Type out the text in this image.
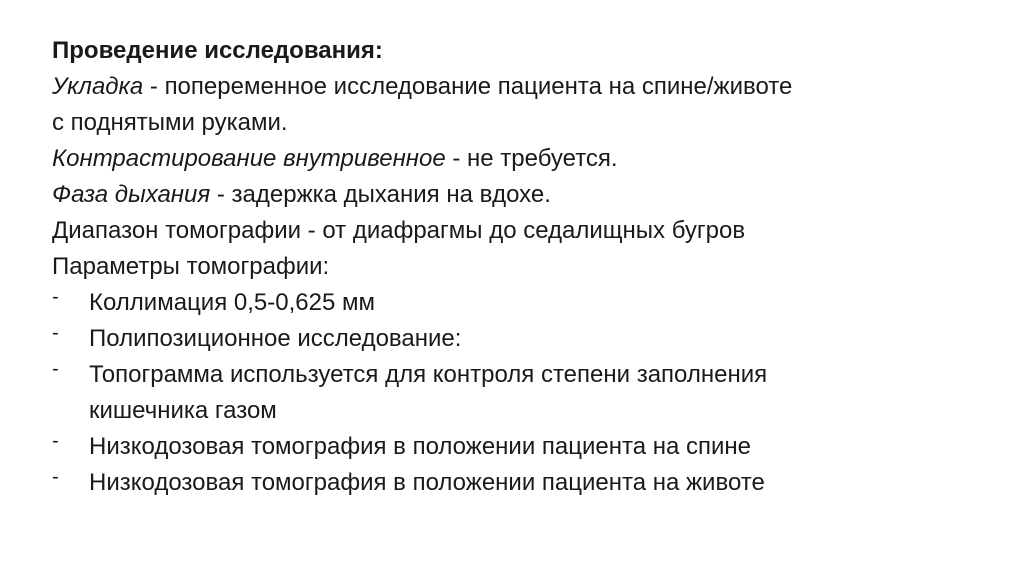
Проведение исследования:
Укладка - попеременное исследование пациента на спине/животе
с поднятыми руками.
Контрастирование внутривенное - не требуется.
Фаза дыхания - задержка дыхания на вдохе.
Диапазон томографии - от диафрагмы до седалищных бугров
Параметры томографии:
- Коллимация 0,5-0,625 мм
- Полипозиционное исследование:
- Топограмма используется для контроля степени заполнения
кишечника газом
- Низкодозовая томография в положении пациента на спине
- Низкодозовая томография в положении пациента на животе
